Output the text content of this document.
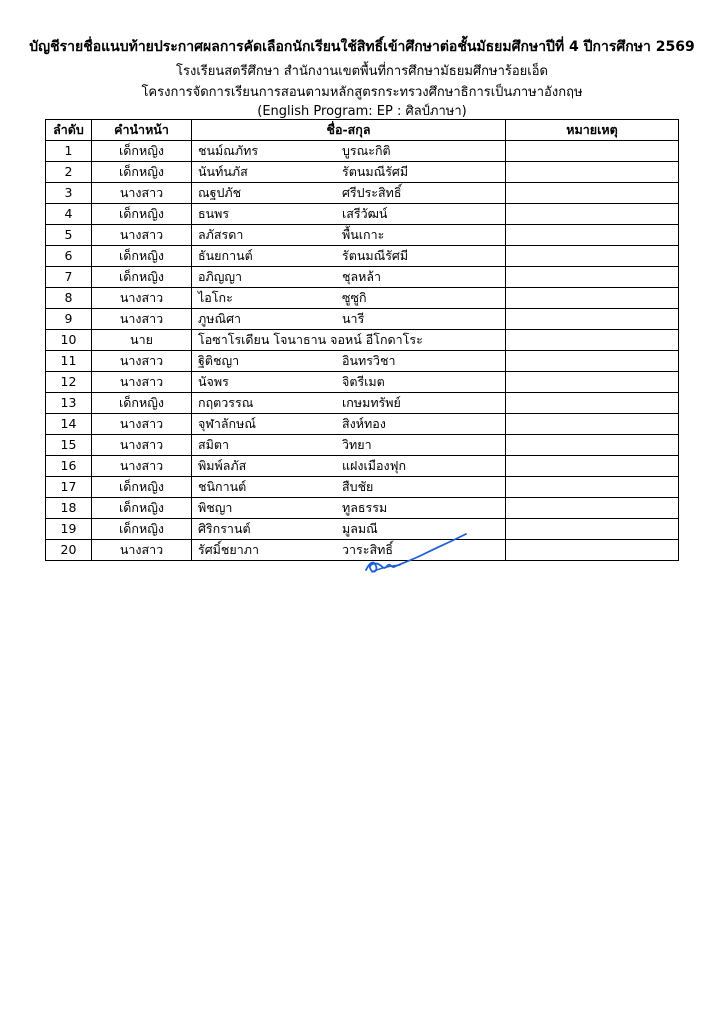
บัญชีรายชื่อแนบท้ายประกาศผลการคัดเลือกนักเรียนใช้สิทธิ์เข้าศึกษาต่อชั้นมัธยมศึกษาปีที่ 4 ปีการศึกษา 2569
โรงเรียนสตรีศึกษา สำนักงานเขตพื้นที่การศึกษามัธยมศึกษาร้อยเอ็ด
โครงการจัดการเรียนการสอนตามหลักสูตรกระทรวงศึกษาธิการเป็นภาษาอังกฤษ
(English Program: EP : ศิลป์ภาษา)
ลำดับ	คำนำหน้า	ชื่อ-สกุล	หมายเหตุ
1	เด็กหญิง	ชนม์ณภัทร บูรณะกิติ	

2	เด็กหญิง	นันท์นภัส รัตนมณีรัศมี	

3	นางสาว	ณฐปภัช ศรีประสิทธิ์	

4	เด็กหญิง	ธนพร เสรีวัฒน์	

5	นางสาว	ลภัสรดา พื้นเกาะ	

6	เด็กหญิง	ธันยกานต์ รัตนมณีรัศมี	

7	เด็กหญิง	อภิญญา ชุลหล้า	

8	นางสาว	ไอโกะ ซูซูกิ	

9	นางสาว	ภูษณิศา นารี	

10	นาย	โอซาโรเดียน โจนาธาน จอหน์ อีโกดาโระ	

11	นางสาว	ฐิติชญา อินทรวิชา	

12	นางสาว	นัจพร จิตรีเมต	

13	เด็กหญิง	กฤตวรรณ เกษมทรัพย์	

14	นางสาว	จุฬาลักษณ์ สิงห์ทอง	

15	นางสาว	สมิตา วิทยา	

16	นางสาว	พิมพ์ลภัส แฝงเมืองฟุก	

17	เด็กหญิง	ชนิกานต์ สืบชัย	

18	เด็กหญิง	พิชญา ทูลธรรม	

19	เด็กหญิง	ศิริกรานต์ มูลมณี	

20	นางสาว	รัศมิ์ชยาภา วาระสิทธิ์	
